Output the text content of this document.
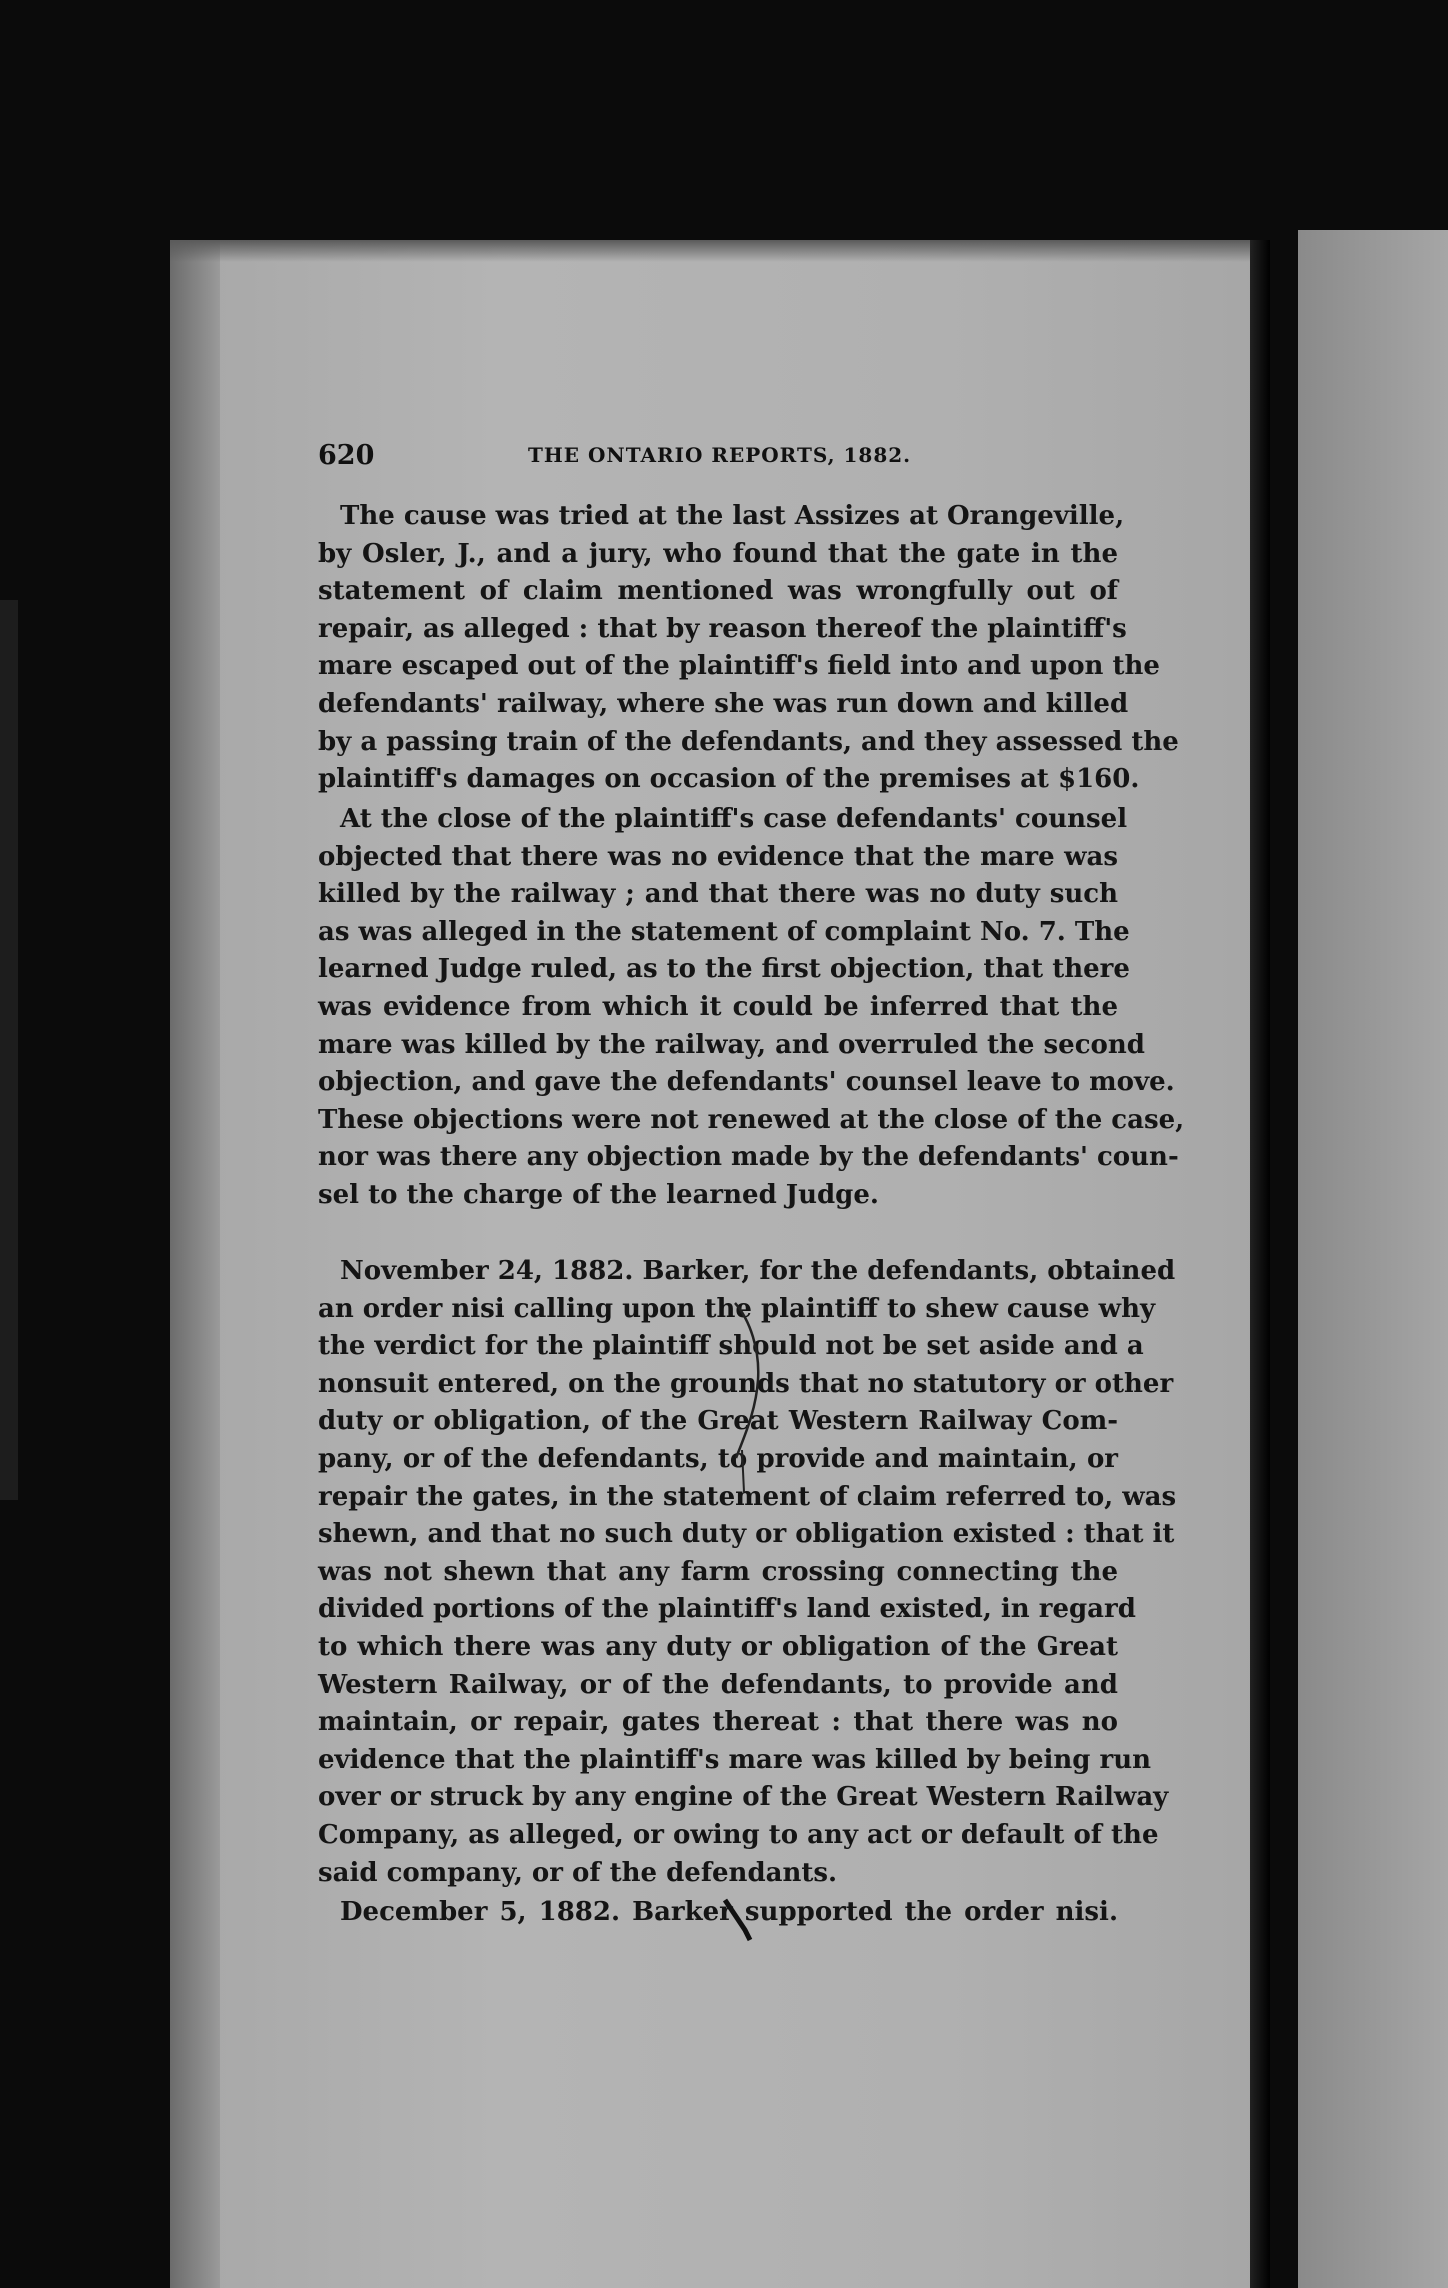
620	THE ONTARIO REPORTS, 1882.
The cause was tried at the last Assizes at Orangeville,
by Osler, J., and a jury, who found that the gate in the
statement of claim mentioned was wrongfully out of
repair, as alleged : that by reason thereof the plaintiff's
mare escaped out of the plaintiff's field into and upon the
defendants' railway, where she was run down and killed
by a passing train of the defendants, and they assessed the
plaintiff's damages on occasion of the premises at $160.
At the close of the plaintiff's case defendants' counsel
objected that there was no evidence that the mare was
killed by the railway ; and that there was no duty such
as was alleged in the statement of complaint No. 7. The
learned Judge ruled, as to the first objection, that there
was evidence from which it could be inferred that the
mare was killed by the railway, and overruled the second
objection, and gave the defendants' counsel leave to move.
These objections were not renewed at the close of the case,
nor was there any objection made by the defendants' coun-
sel to the charge of the learned Judge.
November 24, 1882. Barker, for the defendants, obtained
an order nisi calling upon the plaintiff to shew cause why
the verdict for the plaintiff should not be set aside and a
nonsuit entered, on the grounds that no statutory or other
duty or obligation, of the Great Western Railway Com-
pany, or of the defendants, to provide and maintain, or
repair the gates, in the statement of claim referred to, was
shewn, and that no such duty or obligation existed : that it
was not shewn that any farm crossing connecting the
divided portions of the plaintiff's land existed, in regard
to which there was any duty or obligation of the Great
Western Railway, or of the defendants, to provide and
maintain, or repair, gates thereat : that there was no
evidence that the plaintiff's mare was killed by being run
over or struck by any engine of the Great Western Railway
Company, as alleged, or owing to any act or default of the
said company, or of the defendants.
December 5, 1882. Barker supported the order nisi.
